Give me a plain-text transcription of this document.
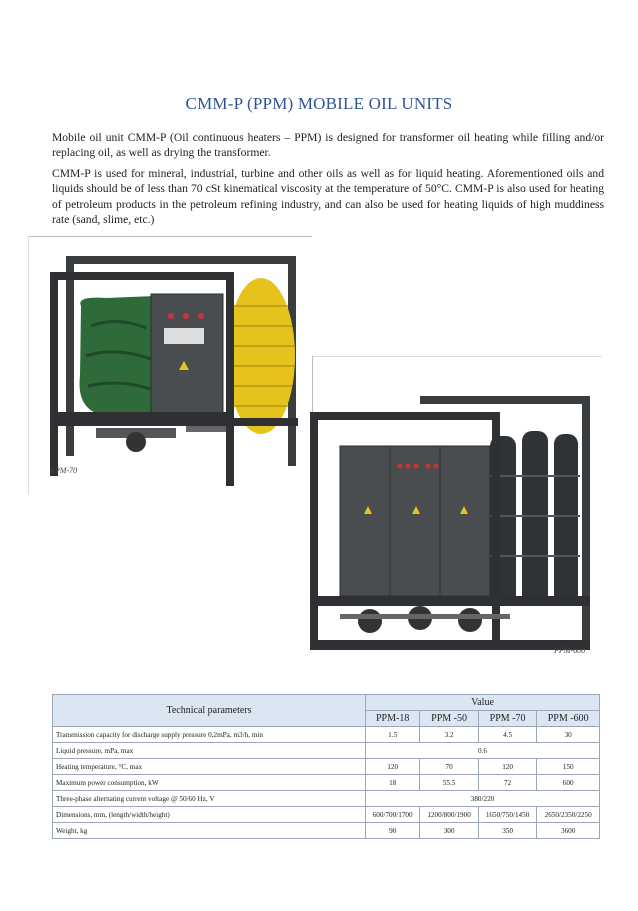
CMM-P (PPM) MOBILE OIL UNITS

Mobile oil unit CMM-P (Oil continuous heaters – PPM) is designed for transformer oil heating while filling and/or replacing oil, as well as drying the transformer.

CMM-P is used for mineral, industrial, turbine and other oils as well as for liquid heating. Aforementioned oils and liquids should be of less than 70 cSt kinematical viscosity at the temperature of 50°C. CMM-P is also used for heating of petroleum products in the petroleum refining industry, and can also be used for heating liquids of high muddiness rate (sand, slime, etc.)

PPM-70
PPM-600
Technical parameters	Value			
	PPM-18	PPM -50	PPM -70	PPM -600
Transmission capacity for discharge supply pressure 0,2mPa, m3/h, min	1.5	3.2	4.5	30
Liquid pressure, mPa, max	0.6			
Heating temperature, °C, max	120	70	120	150
Maximum power consumption, kW	18	55.5	72	600
Three-phase alternating current voltage @ 50/60 Hz, V	380/220			
Dimensions, mm, (length/width/height)	600/700/1700	1200/800/1900	1650/750/1450	2650/2350/2250
Weight, kg	90	300	350	3600
